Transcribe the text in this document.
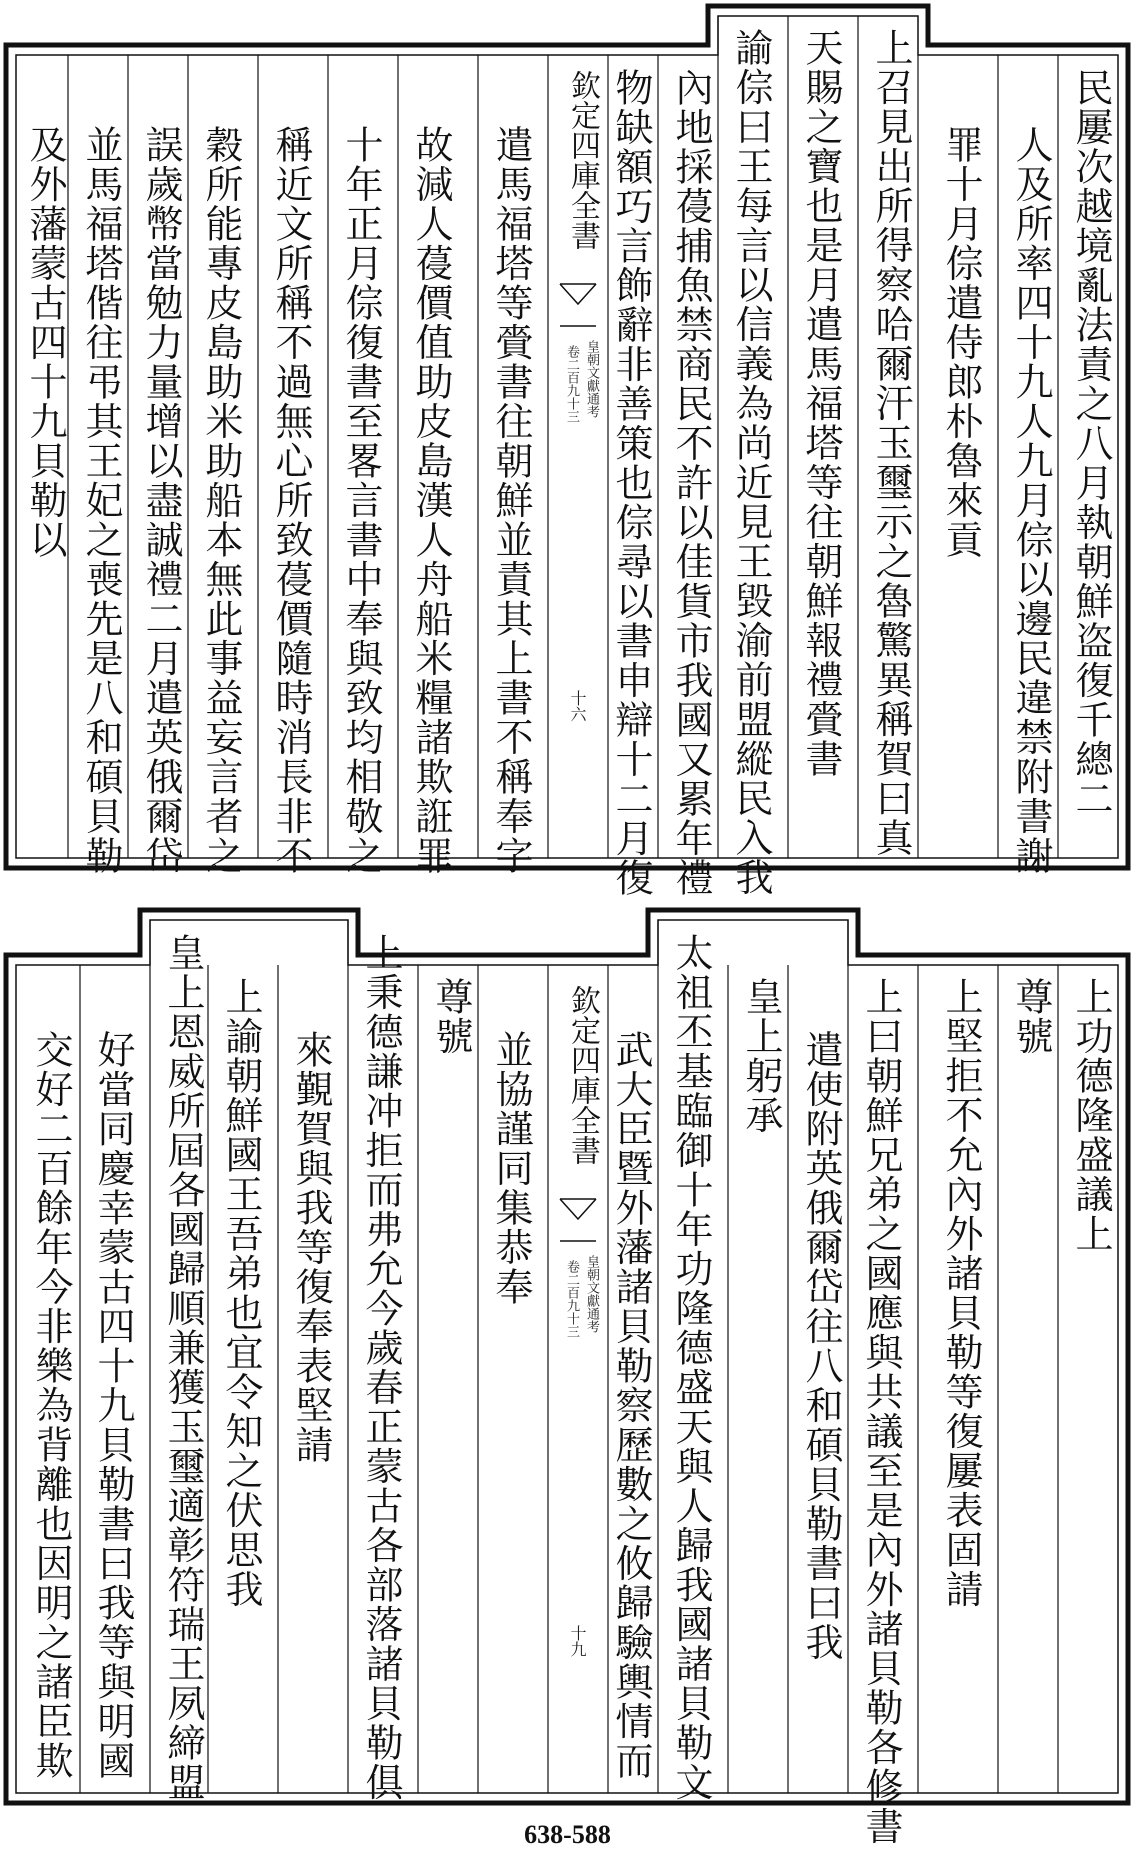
欽定四庫全書
皇朝文獻通考
卷二百九十三
十六	民屢次越境亂法責之八月執朝鮮盗復千總二
人及所率四十九人九月倧以邊民違禁附書謝
罪十月倧遣侍郎朴魯來貢
上召見出所得察哈爾汗玉璽示之魯驚異稱賀曰真
天賜之寶也是月遣馬福塔等往朝鮮報禮賫書
諭倧曰王每言以信義為尚近見王毀渝前盟縱民入我
內地採葠捕魚禁商民不許以佳貨市我國又累年禮
物缺額巧言飾辭非善策也倧尋以書申辯十二月復
遣馬福塔等賫書往朝鮮並責其上書不稱奉字
故減人葠價值助皮島漢人舟船米糧諸欺誑罪
十年正月倧復書至畧言書中奉與致均相敬之
稱近文所稱不過無心所致葠價隨時消長非不
穀所能專皮島助米助船本無此事益妄言者之
誤歲幣當勉力量增以盡誠禮二月遣英俄爾岱
並馬福塔偕往弔其王妃之喪先是八和碩貝勒
及外藩蒙古四十九貝勒以
欽定四庫全書
皇朝文獻通考
卷二百九十三
十九
上功德隆盛議上
尊號
上堅拒不允內外諸貝勒等復屢表固請
上曰朝鮮兄弟之國應與共議至是內外諸貝勒各修書
遣使附英俄爾岱往八和碩貝勒書曰我
皇上躬承
太祖丕基臨御十年功隆德盛天與人歸我國諸貝勒文
武大臣暨外藩諸貝勒察歷數之攸歸驗輿情而
並協謹同集恭奉
尊號
上秉德謙冲拒而弗允今歲春正蒙古各部落諸貝勒俱
來覲賀與我等復奉表堅請
上諭朝鮮國王吾弟也宜令知之伏思我
皇上恩威所屆各國歸順兼獲玉璽適彰符瑞王夙締盟
好當同慶幸蒙古四十九貝勒書曰我等與明國
交好二百餘年今非樂為背離也因明之諸臣欺
638-588
